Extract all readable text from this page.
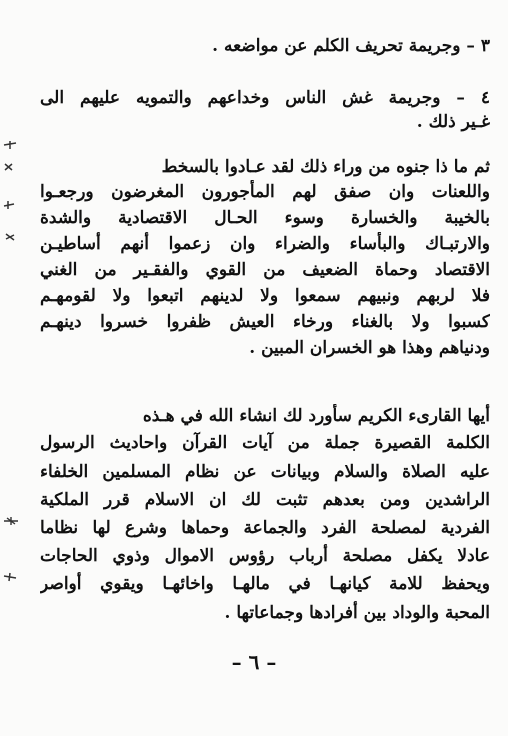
٣ – وجريمة تحريف الكلم عن مواضعه .
٤ – وجريمة غش الناس وخداعهم والتمويه عليهم الى
غـير ذلك .
ثم ما ذا جنوه من وراء ذلك لقد عـادوا بالسخط
واللعنات وان صفق لهم المأجورون المغرضون ورجعـوا
بالخيبة والخسارة وسوء الحـال الاقتصادية والشدة
والارتبـاك والبأساء والضراء وان زعموا أنهم أساطيـن
الاقتصاد وحماة الضعيف من القوي والفقـير من الغني
فلا لربهم ونبيهم سمعوا ولا لدينهم اتبعوا ولا لقومهـم
كسبوا ولا بالغناء ورخاء العيش ظفروا خسروا دينهـم
ودنياهم وهذا هو الخسران المبين .
أيها القارىء الكريم سأورد لك انشاء الله في هـذه
الكلمة القصيرة جملة من آيات القرآن واحاديث الرسول
عليه الصلاة والسلام وبيانات عن نظام المسلمين الخلفاء
الراشدين ومن بعدهم تثبت لك ان الاسلام قرر الملكية
الفردية لمصلحة الفرد والجماعة وحماها وشرع لها نظاما
عادلا يكفل مصلحة أرباب رؤوس الاموال وذوي الحاجات
ويحفظ للامة كيانهـا في مالهـا واخائهـا ويقوي أواصر
المحبة والوداد بين أفرادها وجماعاتها .
– ٦ –
